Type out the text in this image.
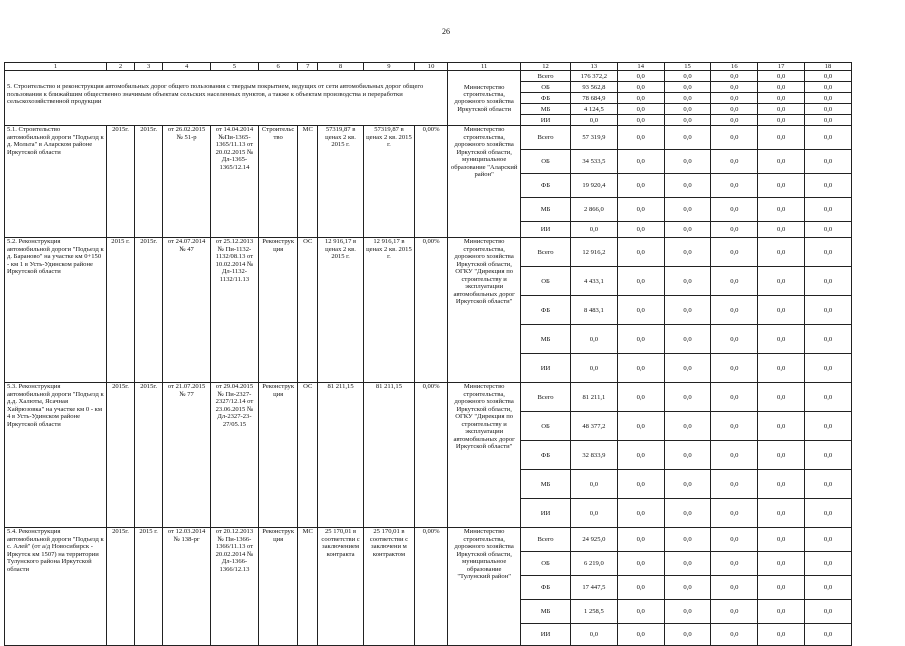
26
1	2	3	4	5	6	7	8	9	10	11	12	13	14	15	16	17	18
5. Строительство и реконструкция автомобильных дорог общего пользования с твердым покрытием, ведущих от сети автомобильных дорог общего пользования к ближайшим общественно значимым объектам сельских населенных пунктов, а также к объектам производства и переработки сельскохозяйственной продукции										Министерство строительства, дорожного хозяйства Иркутской области	Всего	176 372,2	0,0	0,0	0,0	0,0	0,0
											ОБ	93 562,8	0,0	0,0	0,0	0,0	0,0
											ФБ	78 684,9	0,0	0,0	0,0	0,0	0,0
											МБ	4 124,5	0,0	0,0	0,0	0,0	0,0
											ИИ	0,0	0,0	0,0	0,0	0,0	0,0
5.1. Строительство автомобильной дороги "Подъезд к д. Мольта" в Аларском районе Иркутской области	2015г.	2015г.	от 26.02.2015 № 51-р	от 14.04.2014 №Пи-1365-1365/11.13 от 20.02.2015 № Дл-1365-1365/12.14	Строительс тво	МС	57319,87 в ценах 2 кв. 2015 г.	57319,87 в ценах 2 кв. 2015 г.	0,00%	Министерство строительства, дорожного хозяйства Иркутской области, муниципальное образование "Аларский район"	Всего	57 319,9	0,0	0,0	0,0	0,0	0,0
											ОБ	34 533,5	0,0	0,0	0,0	0,0	0,0
											ФБ	19 920,4	0,0	0,0	0,0	0,0	0,0
											МБ	2 866,0	0,0	0,0	0,0	0,0	0,0
											ИИ	0,0	0,0	0,0	0,0	0,0	0,0
5.2. Реконструкция автомобильной дороги "Подъезд к д. Бараново" на участке км 0+150 - км 1 в Усть-Удинском районе Иркутской области	2015 г.	2015г.	от 24.07.2014 № 47	от 25.12.2013 № Пи-1132-1132/08.13 от 10.02.2014 № Дл-1132-1132/11.13	Реконструк ция	ОС	12 916,17 в ценах 2 кв. 2015 г.	12 916,17 в ценах 2 кв. 2015 г.	0,00%	Министерство строительства, дорожного хозяйства Иркутской области, ОГКУ "Дирекция по строительству и эксплуатации автомобильных дорог Иркутской области"	Всего	12 916,2	0,0	0,0	0,0	0,0	0,0
											ОБ	4 433,1	0,0	0,0	0,0	0,0	0,0
											ФБ	8 483,1	0,0	0,0	0,0	0,0	0,0
											МБ	0,0	0,0	0,0	0,0	0,0	0,0
											ИИ	0,0	0,0	0,0	0,0	0,0	0,0
5.3. Реконструкция автомобильной дороги "Подъезд к д.д. Халюты, Ясачная Хайрюзовка" на участке км 0 - км 4 в Усть-Удинском районе Иркутской области	2015г.	2015г.	от 21.07.2015 № 77	от 29.04.2015 № Пи-2327-2327/12.14 от 23.06.2015 № Дл-2327-23-27/05.15	Реконструк ция	ОС	81 211,15	81 211,15	0,00%	Министерство строительства, дорожного хозяйства Иркутской области, ОГКУ "Дирекция по строительству и эксплуатации автомобильных дорог Иркутской области"	Всего	81 211,1	0,0	0,0	0,0	0,0	0,0
											ОБ	48 377,2	0,0	0,0	0,0	0,0	0,0
											ФБ	32 833,9	0,0	0,0	0,0	0,0	0,0
											МБ	0,0	0,0	0,0	0,0	0,0	0,0
											ИИ	0,0	0,0	0,0	0,0	0,0	0,0
5.4. Реконструкция автомобильной дороги "Подъезд к с. Алей" (от а/д Новосибирск - Иркутск км 1507) на территории Тулунского района Иркутской области	2015г.	2015 г.	от 12.03.2014 № 138-рг	от 20.12.2013 № Пи-1366-1366/11.13 от 20.02.2014 № Дл-1366-1366/12.13	Реконструк ция	МС	25 170,01 в соответстви с заключением контракта	25 170,01 в соответстви с заключени м контрактом	0,00%	Министерство строительства, дорожного хозяйства Иркутской области, муниципальное образование "Тулунский район"	Всего	24 925,0	0,0	0,0	0,0	0,0	0,0
											ОБ	6 219,0	0,0	0,0	0,0	0,0	0,0
											ФБ	17 447,5	0,0	0,0	0,0	0,0	0,0
											МБ	1 258,5	0,0	0,0	0,0	0,0	0,0
											ИИ	0,0	0,0	0,0	0,0	0,0	0,0
